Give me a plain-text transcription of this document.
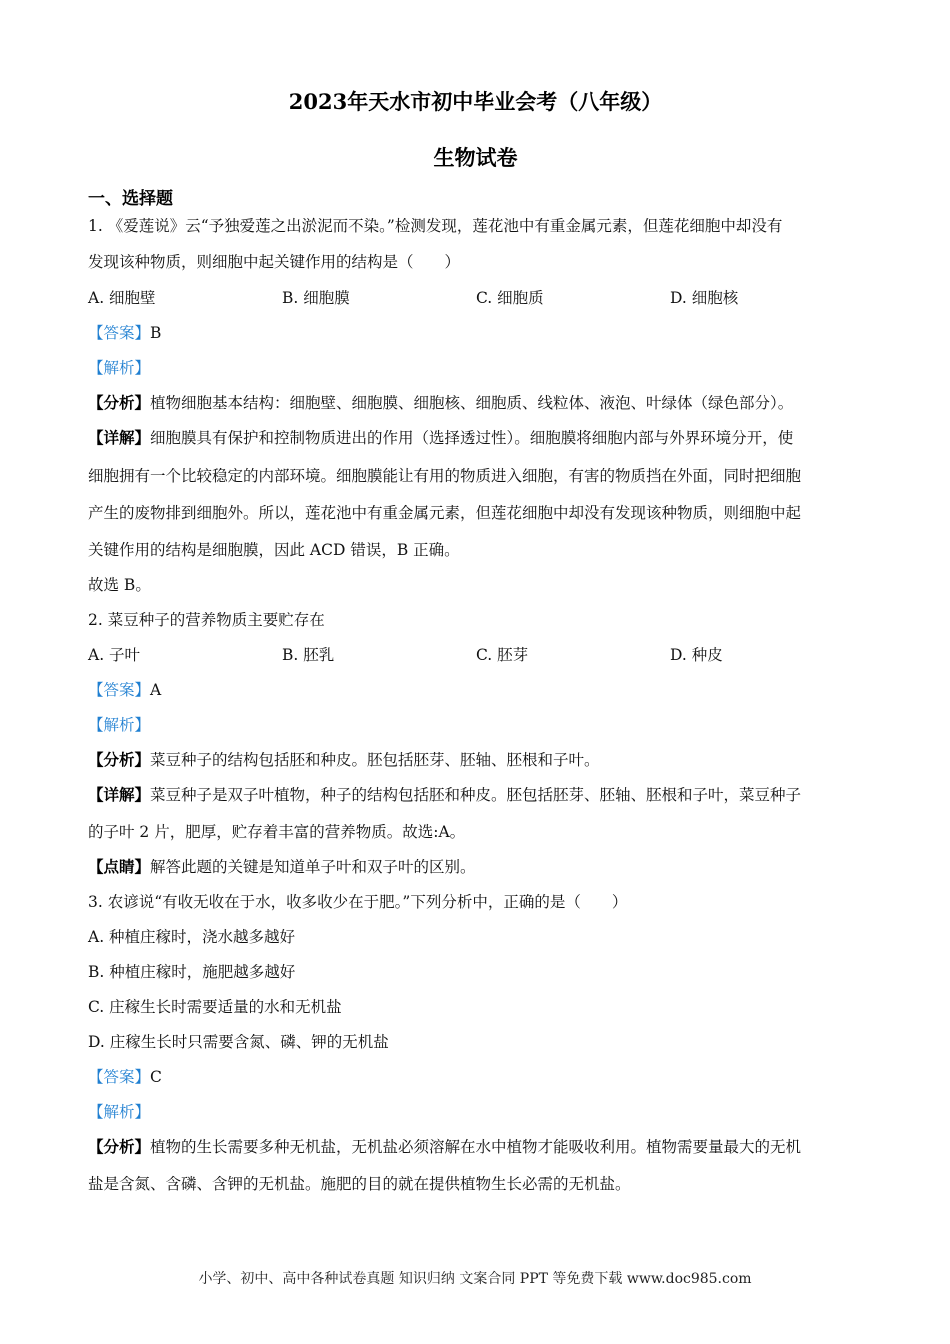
2023年天水市初中毕业会考（八年级）
生物试卷
一、选择题
1. 《爱莲说》云“予独爱莲之出淤泥而不染。”检测发现，莲花池中有重金属元素，但莲花细胞中却没有
发现该种物质，则细胞中起关键作用的结构是（　　）
A. 细胞壁	B. 细胞膜	C. 细胞质	D. 细胞核
【答案】B
【解析】
【分析】植物细胞基本结构：细胞壁、细胞膜、细胞核、细胞质、线粒体、液泡、叶绿体（绿色部分）。
【详解】细胞膜具有保护和控制物质进出的作用（选择透过性）。细胞膜将细胞内部与外界环境分开，使
细胞拥有一个比较稳定的内部环境。细胞膜能让有用的物质进入细胞，有害的物质挡在外面，同时把细胞
产生的废物排到细胞外。所以，莲花池中有重金属元素，但莲花细胞中却没有发现该种物质，则细胞中起
关键作用的结构是细胞膜，因此 ACD 错误，B 正确。
故选 B。
2. 菜豆种子的营养物质主要贮存在
A. 子叶	B. 胚乳	C. 胚芽	D. 种皮
【答案】A
【解析】
【分析】菜豆种子的结构包括胚和种皮。胚包括胚芽、胚轴、胚根和子叶。
【详解】菜豆种子是双子叶植物，种子的结构包括胚和种皮。胚包括胚芽、胚轴、胚根和子叶，菜豆种子
的子叶 2 片，肥厚，贮存着丰富的营养物质。故选:A。
【点睛】解答此题的关键是知道单子叶和双子叶的区别。
3. 农谚说“有收无收在于水，收多收少在于肥。”下列分析中，正确的是（　　）
A. 种植庄稼时，浇水越多越好
B. 种植庄稼时，施肥越多越好
C. 庄稼生长时需要适量的水和无机盐
D. 庄稼生长时只需要含氮、磷、钾的无机盐
【答案】C
【解析】
【分析】植物的生长需要多种无机盐，无机盐必须溶解在水中植物才能吸收利用。植物需要量最大的无机
盐是含氮、含磷、含钾的无机盐。施肥的目的就在提供植物生长必需的无机盐。
小学、初中、高中各种试卷真题 知识归纳 文案合同 PPT 等免费下载 www.doc985.com
